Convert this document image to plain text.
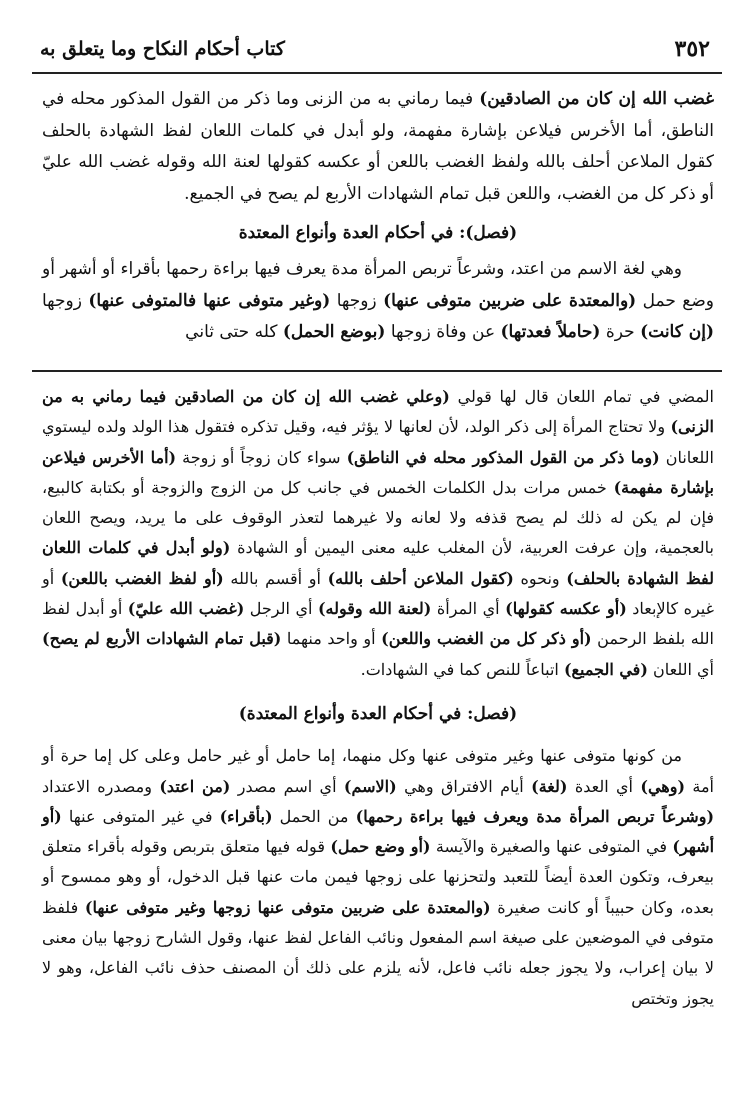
٣٥٢
كتاب أحكام النكاح وما يتعلق به

غضب الله إن كان من الصادقين) فيما رماني به من الزنى وما ذكر من القول المذكور محله في الناطق، أما الأخرس فيلاعن بإشارة مفهمة، ولو أبدل في كلمات اللعان لفظ الشهادة بالحلف كقول الملاعن أحلف بالله ولفظ الغضب باللعن أو عكسه كقولها لعنة الله وقوله غضب الله عليّ أو ذكر كل من الغضب، واللعن قبل تمام الشهادات الأربع لم يصح في الجميع.

(فصل): في أحكام العدة وأنواع المعتدة

وهي لغة الاسم من اعتد، وشرعاً تربص المرأة مدة يعرف فيها براءة رحمها بأقراء أو أشهر أو وضع حمل (والمعتدة على ضربين متوفى عنها) زوجها (وغير متوفى عنها فالمتوفى عنها) زوجها (إن كانت) حرة (حاملاً فعدتها) عن وفاة زوجها (بوضع الحمل) كله حتى ثاني

المضي في تمام اللعان قال لها قولي (وعلي غضب الله إن كان من الصادقين فيما رماني به من الزنى) ولا تحتاج المرأة إلى ذكر الولد، لأن لعانها لا يؤثر فيه، وقيل تذكره فتقول هذا الولد ولده ليستوي اللعانان (وما ذكر من القول المذكور محله في الناطق) سواء كان زوجاً أو زوجة (أما الأخرس فيلاعن بإشارة مفهمة) خمس مرات بدل الكلمات الخمس في جانب كل من الزوج والزوجة أو بكتابة كالبيع، فإن لم يكن له ذلك لم يصح قذفه ولا لعانه ولا غيرهما لتعذر الوقوف على ما يريد، ويصح اللعان بالعجمية، وإن عرفت العربية، لأن المغلب عليه معنى اليمين أو الشهادة (ولو أبدل في كلمات اللعان لفظ الشهادة بالحلف) ونحوه (كقول الملاعن أحلف بالله) أو أقسم بالله (أو لفظ الغضب باللعن) أو غيره كالإبعاد (أو عكسه كقولها) أي المرأة (لعنة الله وقوله) أي الرجل (غضب الله عليّ) أو أبدل لفظ الله بلفظ الرحمن (أو ذكر كل من الغضب واللعن) أو واحد منهما (قبل تمام الشهادات الأربع لم يصح) أي اللعان (في الجميع) اتباعاً للنص كما في الشهادات.

(فصل: في أحكام العدة وأنواع المعتدة)

من كونها متوفى عنها وغير متوفى عنها وكل منهما، إما حامل أو غير حامل وعلى كل إما حرة أو أمة (وهي) أي العدة (لغة) أيام الافتراق وهي (الاسم) أي اسم مصدر (من اعتد) ومصدره الاعتداد (وشرعاً تربص المرأة مدة ويعرف فيها براءة رحمها) من الحمل (بأقراء) في غير المتوفى عنها (أو أشهر) في المتوفى عنها والصغيرة والآيسة (أو وضع حمل) قوله فيها متعلق بتربص وقوله بأقراء متعلق بيعرف، وتكون العدة أيضاً للتعبد ولتحزنها على زوجها فيمن مات عنها قبل الدخول، أو وهو ممسوح أو بعده، وكان حبيباً أو كانت صغيرة (والمعتدة على ضربين متوفى عنها زوجها وغير متوفى عنها) فلفظ متوفى في الموضعين على صيغة اسم المفعول ونائب الفاعل لفظ عنها، وقول الشارح زوجها بيان معنى لا بيان إعراب، ولا يجوز جعله نائب فاعل، لأنه يلزم على ذلك أن المصنف حذف نائب الفاعل، وهو لا يجوز وتختص
